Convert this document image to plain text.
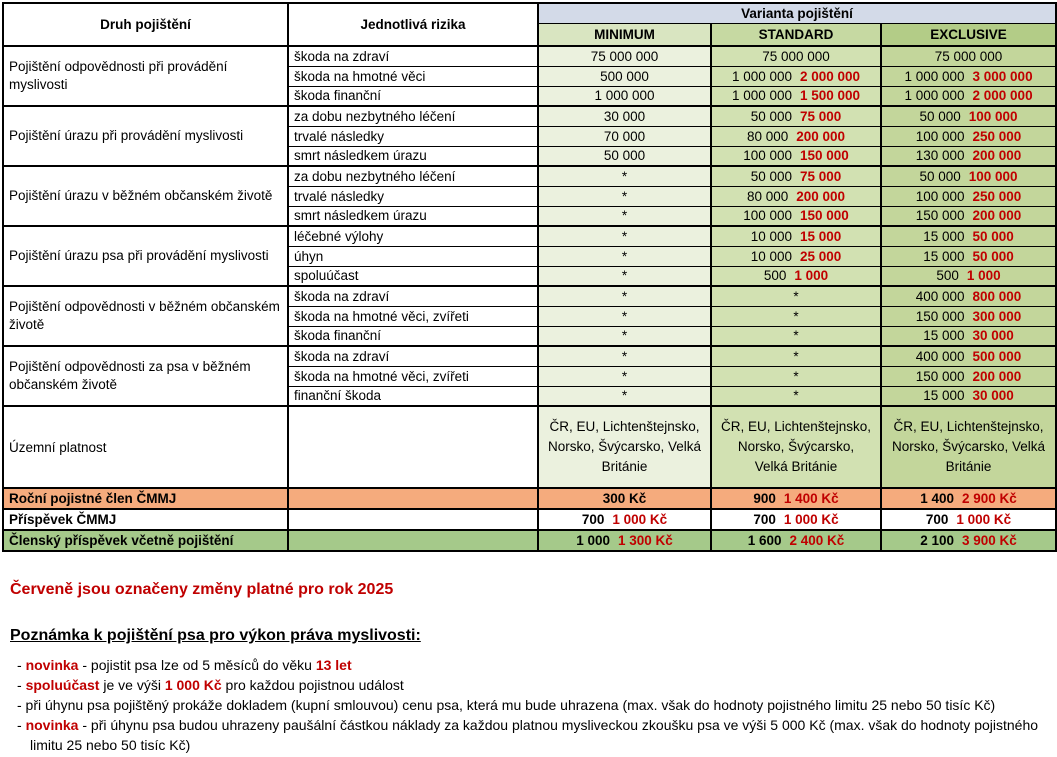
Druh pojištění	Jednotlivá rizika	Varianta pojištění		
		MINIMUM	STANDARD	EXCLUSIVE
Pojištění odpovědnosti při provádění myslivosti	škoda na zdraví	75 000 000	75 000 000	75 000 000
	škoda na hmotné věci	500 000	1 000 000 2 000 000	1 000 000 3 000 000
	škoda finanční	1 000 000	1 000 000 1 500 000	1 000 000 2 000 000
Pojištění úrazu při provádění myslivosti	za dobu nezbytného léčení	30 000	50 000 75 000	50 000 100 000
	trvalé následky	70 000	80 000 200 000	100 000 250 000
	smrt následkem úrazu	50 000	100 000 150 000	130 000 200 000
Pojištění úrazu v běžném občanském životě	za dobu nezbytného léčení	*	50 000 75 000	50 000 100 000
	trvalé následky	*	80 000 200 000	100 000 250 000
	smrt následkem úrazu	*	100 000 150 000	150 000 200 000
Pojištění úrazu psa při provádění myslivosti	léčebné výlohy	*	10 000 15 000	15 000 50 000
	úhyn	*	10 000 25 000	15 000 50 000
	spoluúčast	*	500 1 000	500 1 000
Pojištění odpovědnosti v běžném občanském životě	škoda na zdraví	*	*	400 000 800 000
	škoda na hmotné věci, zvířeti	*	*	150 000 300 000
	škoda finanční	*	*	15 000 30 000
Pojištění odpovědnosti za psa v běžném občanském životě	škoda na zdraví	*	*	400 000 500 000
	škoda na hmotné věci, zvířeti	*	*	150 000 200 000
	finanční škoda	*	*	15 000 30 000
Územní platnost		ČR, EU, Lichtenštejnsko, Norsko, Švýcarsko, Velká Británie	ČR, EU, Lichtenštejnsko, Norsko, Švýcarsko, Velká Británie	ČR, EU, Lichtenštejnsko, Norsko, Švýcarsko, Velká Británie
Roční pojistné člen ČMMJ		300 Kč	900 1 400 Kč	1 400 2 900 Kč
Příspěvek ČMMJ		700 1 000 Kč	700 1 000 Kč	700 1 000 Kč
Členský příspěvek včetně pojištění		1 000 1 300 Kč	1 600 2 400 Kč	2 100 3 900 Kč
Červeně jsou označeny změny platné pro rok 2025
Poznámka k pojištění psa pro výkon práva myslivosti:
- novinka - pojistit psa lze od 5 měsíců do věku 13 let
- spoluúčast je ve výši 1 000 Kč pro každou pojistnou událost
- při úhynu psa pojištěný prokáže dokladem (kupní smlouvou) cenu psa, která mu bude uhrazena (max. však do hodnoty pojistného limitu 25 nebo 50 tisíc Kč)
- novinka - při úhynu psa budou uhrazeny paušální částkou náklady za každou platnou mysliveckou zkoušku psa ve výši 5 000 Kč (max. však do hodnoty pojistného limitu 25 nebo 50 tisíc Kč)
